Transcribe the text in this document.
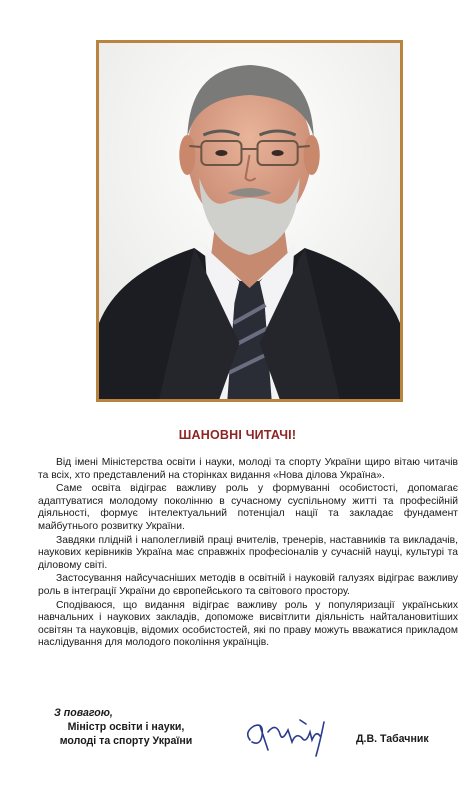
ШАНОВНІ ЧИТАЧІ!

Від імені Міністерства освіти і науки, молоді та спорту України щиро вітаю читачів та всіх, хто представлений на сторінках видання «Нова ділова Україна».

Саме освіта відіграє важливу роль у формуванні особистості, допомагає адаптуватися молодому поколінню в сучасному суспільному житті та професійній діяльності, формує інтелектуальний потенціал нації та закладає фундамент майбутнього розвитку України.

Завдяки плідній і наполегливій праці вчителів, тренерів, наставників та викладачів, наукових керівників Україна має справжніх професіоналів у сучасній науці, культурі та діловому світі.

Застосування найсучасніших методів в освітній і науковій галузях відіграє важливу роль в інтеграції України до європейського та світового простору.

Сподіваюся, що видання відіграє важливу роль у популяризації українських навчальних і наукових закладів, допоможе висвітлити діяльність найталановитіших освітян та науковців, відомих особистостей, які по праву можуть вважатися прикладом наслідування для молодого покоління українців.

З повагою,
Міністр освіти і науки,
молоді та спорту України	Д.В. Табачник
